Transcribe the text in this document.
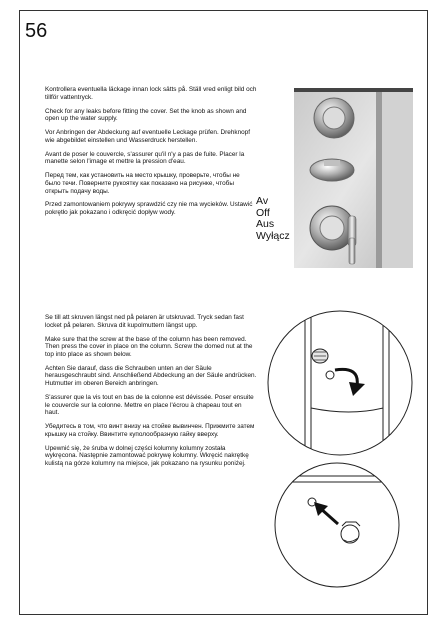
56

Kontrollera eventuella läckage innan lock sätts på. Ställ vred enligt bild och tillför vattentryck.

Check for any leaks before fitting the cover. Set the knob as shown and open up the water supply.

Vor Anbringen der Abdeckung auf eventuelle Leckage prüfen. Drehknopf wie abgebildet einstellen und Wasserdruck herstellen.

Avant de poser le couvercle, s'assurer qu'il n'y a pas de fuite. Placer la manette selon l'image et mettre la pression d'eau.

Перед тем, как установить на место крышку, проверьте, чтобы не было течи. Поверните рукоятку как показано на рисунке, чтобы открыть подачу воды.

Przed zamontowaniem pokrywy sprawdzić czy nie ma wycieków. Ustawić pokrętło jak pokazano i odkręcić dopływ wody.

Av
Off
Aus
Wyłącz

Se till att skruven längst ned på pelaren är utskruvad. Tryck sedan fast locket på pelaren. Skruva dit kupolmuttern längst upp.

Make sure that the screw at the base of the column has been removed. Then press the cover in place on the column. Screw the domed nut at the top into place as shown below.

Achten Sie darauf, dass die Schrauben unten an der Säule herausgeschraubt sind. Anschließend Abdeckung an der Säule andrücken. Hutmutter im oberen Bereich anbringen.

S'assurer que la vis tout en bas de la colonne est dévissée. Poser ensuite le couvercle sur la colonne. Mettre en place l'écrou à chapeau tout en haut.

Убедитесь в том, что винт внизу на стойке вывинчен. Прижмите затем крышку на стойку. Ввинтите куполообразную гайку вверху.

Upewnić się, że śruba w dolnej części kolumny kolumny została wykręcona. Następnie zamontować pokrywę kolumny. Wkręcić nakrętkę kulistą na górze kolumny na miejsce, jak pokazano na rysunku poniżej.
